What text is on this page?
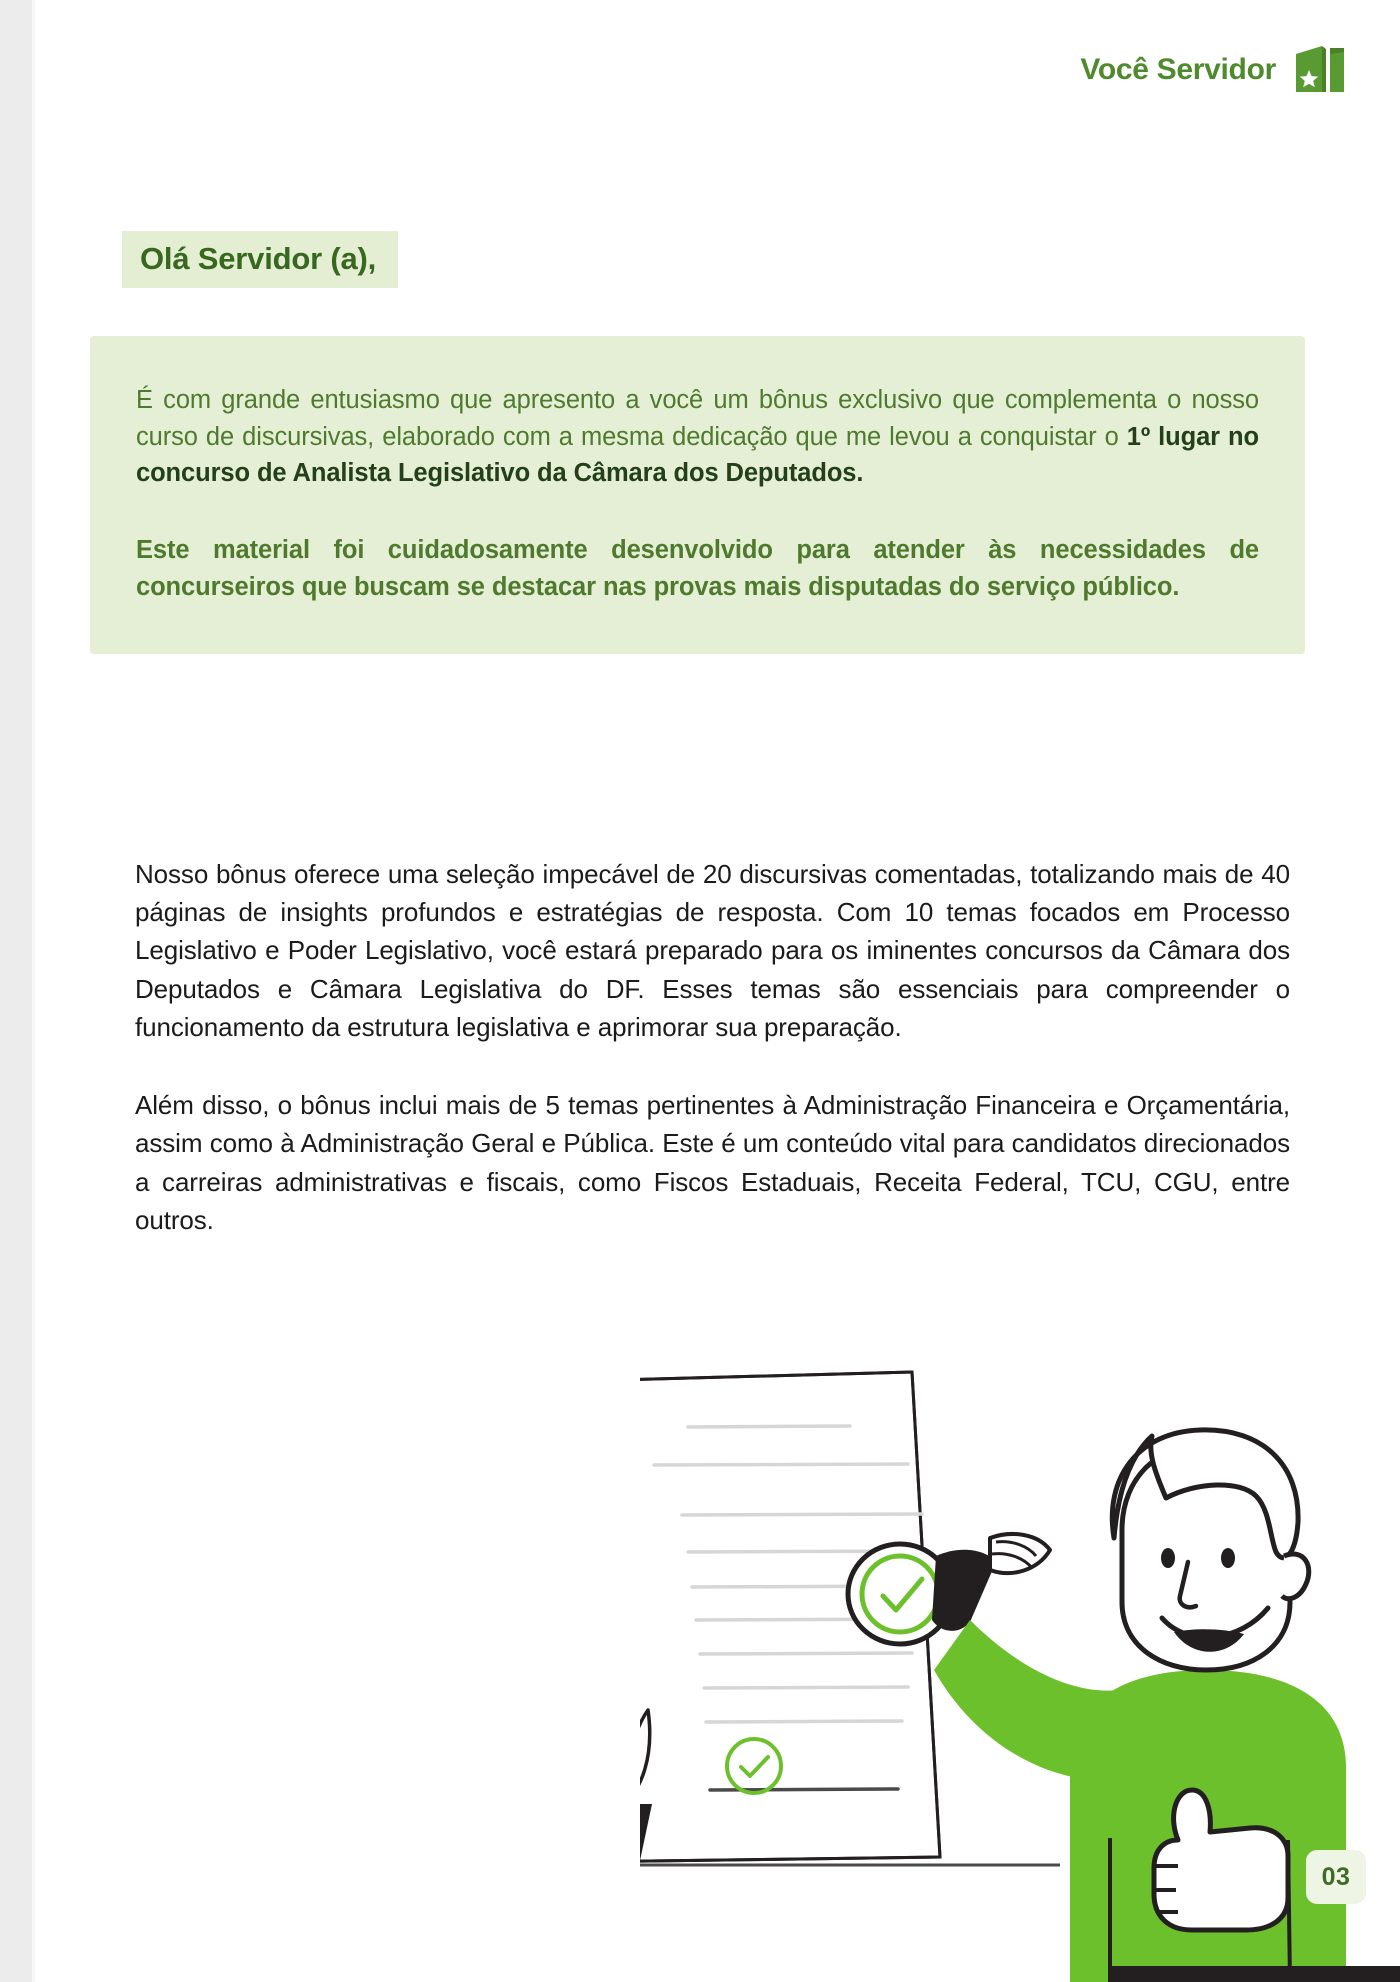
Você Servidor
Olá Servidor (a),

É com grande entusiasmo que apresento a você um bônus exclusivo que complementa o nosso curso de discursivas, elaborado com a mesma dedicação que me levou a conquistar o 1º lugar no concurso de Analista Legislativo da Câmara dos Deputados.

Este material foi cuidadosamente desenvolvido para atender às necessidades de concurseiros que buscam se destacar nas provas mais disputadas do serviço público.

Nosso bônus oferece uma seleção impecável de 20 discursivas comentadas, totalizando mais de 40 páginas de insights profundos e estratégias de resposta. Com 10 temas focados em Processo Legislativo e Poder Legislativo, você estará preparado para os iminentes concursos da Câmara dos Deputados e Câmara Legislativa do DF. Esses temas são essenciais para compreender o funcionamento da estrutura legislativa e aprimorar sua preparação.

Além disso, o bônus inclui mais de 5 temas pertinentes à Administração Financeira e Orçamentária, assim como à Administração Geral e Pública. Este é um conteúdo vital para candidatos direcionados a carreiras administrativas e fiscais, como Fiscos Estaduais, Receita Federal, TCU, CGU, entre outros.

03
